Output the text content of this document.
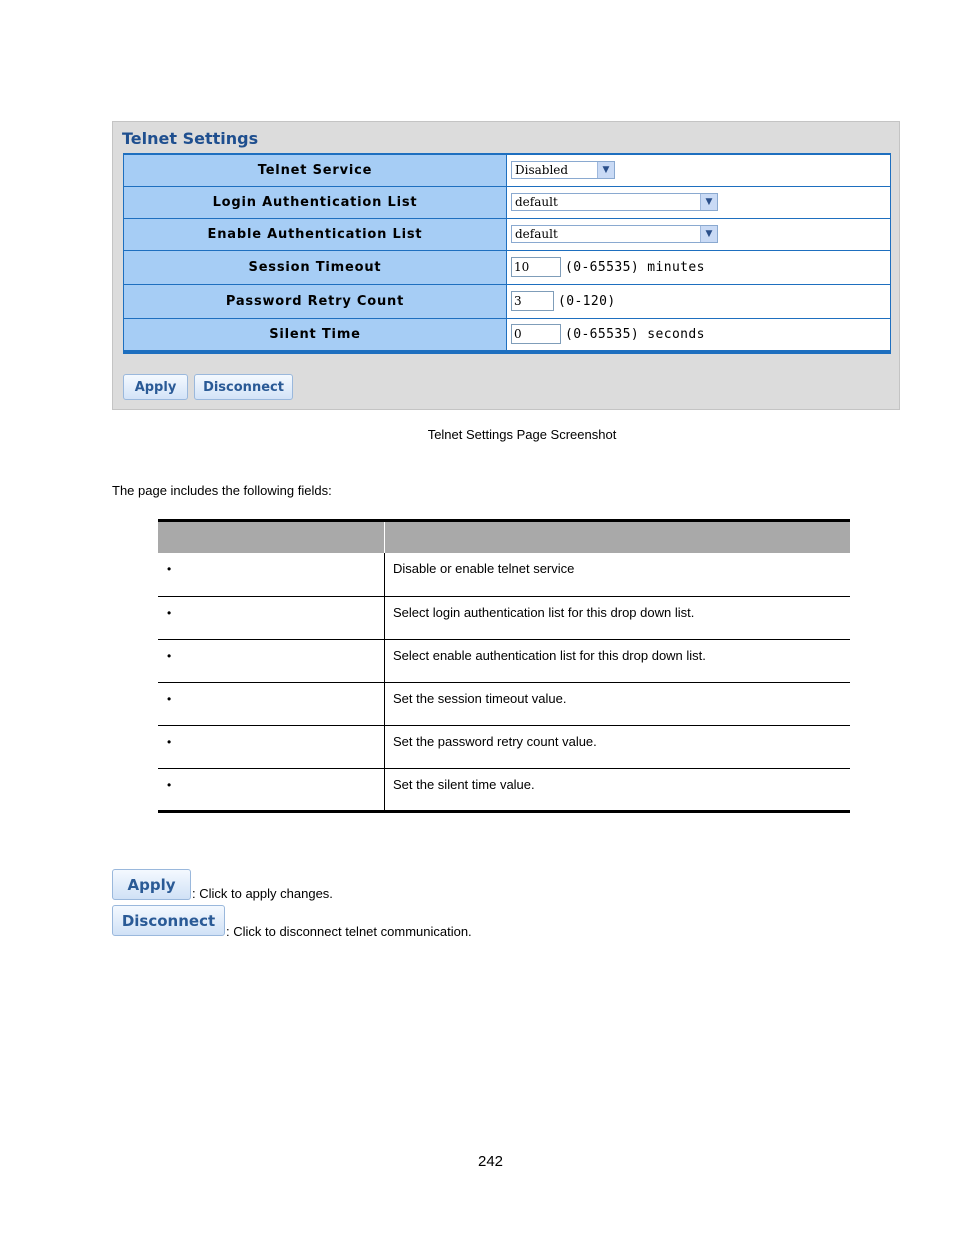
Telnet Settings
Telnet Service	Disabled ▼

Login Authentication List	default ▼

Enable Authentication List	default ▼

Session Timeout	10 (0-65535) minutes
Password Retry Count	3 (0-120)
Silent Time	0 (0-65535) seconds
Apply	Disconnect
Telnet Settings Page Screenshot
The page includes the following fields:

•	Disable or enable telnet service
•	Select login authentication list for this drop down list.
•	Select enable authentication list for this drop down list.
•	Set the session timeout value.
•	Set the password retry count value.
•	Set the silent time value.
Apply	: Click to apply changes.
Disconnect
: Click to disconnect telnet communication.
242
